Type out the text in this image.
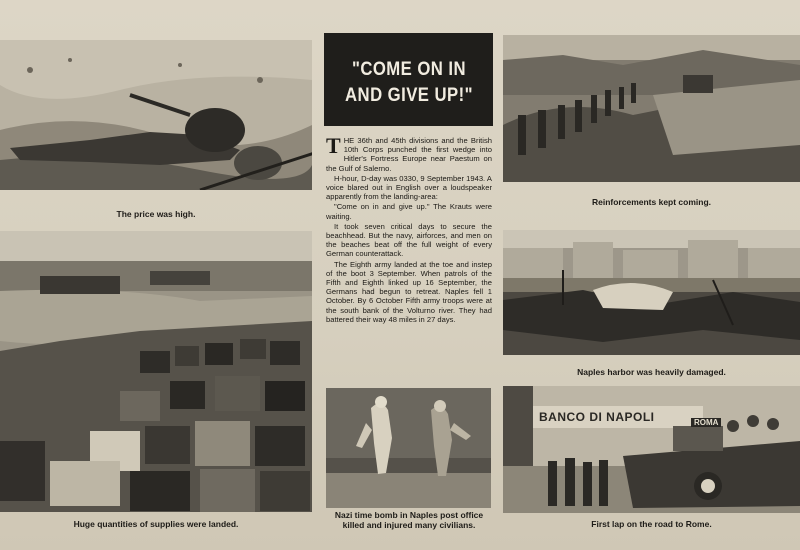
The price was high.
Huge quantities of supplies were landed.
"COME ON IN AND GIVE UP!"

THE 36th and 45th divisions and the British 10th Corps punched the first wedge into Hitler's Fortress Europe near Paestum on the Gulf of Salerno.

H-hour, D-day was 0330, 9 September 1943. A voice blared out in English over a loudspeaker apparently from the landing-area:

"Come on in and give up." The Krauts were waiting.

It took seven critical days to secure the beachhead. But the navy, airforces, and men on the beaches beat off the full weight of every German counterattack.

The Eighth army landed at the toe and instep of the boot 3 September. When patrols of the Fifth and Eighth linked up 16 September, the Germans had begun to retreat. Naples fell 1 October. By 6 October Fifth army troops were at the south bank of the Volturno river. They had battered their way 48 miles in 27 days.

Nazi time bomb in Naples post office killed and injured many civilians.
Reinforcements kept coming.
Naples harbor was heavily damaged.
BANCO DI NAPOLI	ROMA
First lap on the road to Rome.
